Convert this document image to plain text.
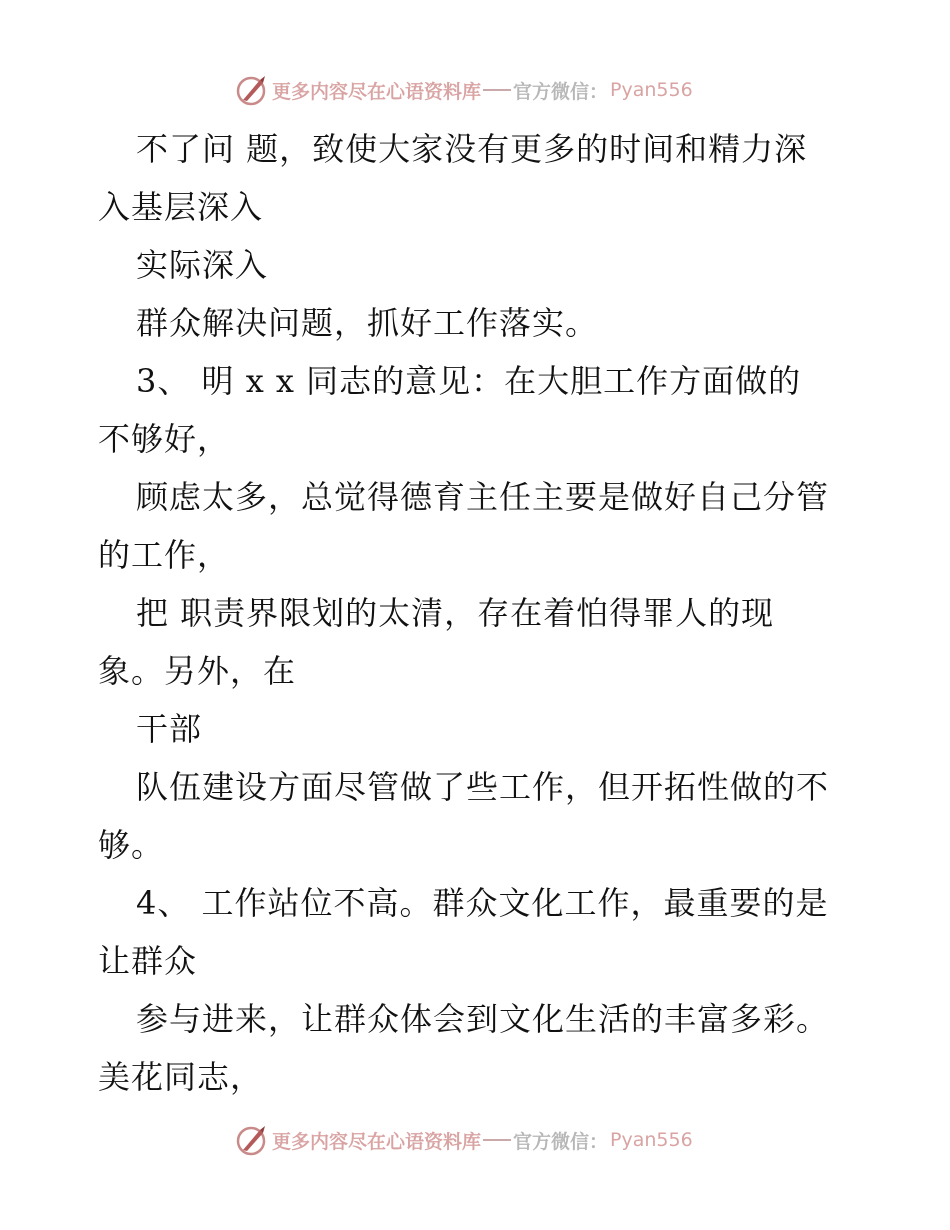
更多内容尽在心语资料库 官方微信： Pyan556
不了问 题，致使大家没有更多的时间和精力深
入基层深入
实际深入
群众解决问题，抓好工作落实。
3、 明 x x 同志的意见：在大胆工作方面做的
不够好，
顾虑太多，总觉得德育主任主要是做好自己分管
的工作，
把 职责界限划的太清，存在着怕得罪人的现
象。另外，在
干部
队伍建设方面尽管做了些工作，但开拓性做的不
够。
4、 工作站位不高。群众文化工作，最重要的是
让群众
参与进来，让群众体会到文化生活的丰富多彩。
美花同志，
更多内容尽在心语资料库 官方微信： Pyan556
